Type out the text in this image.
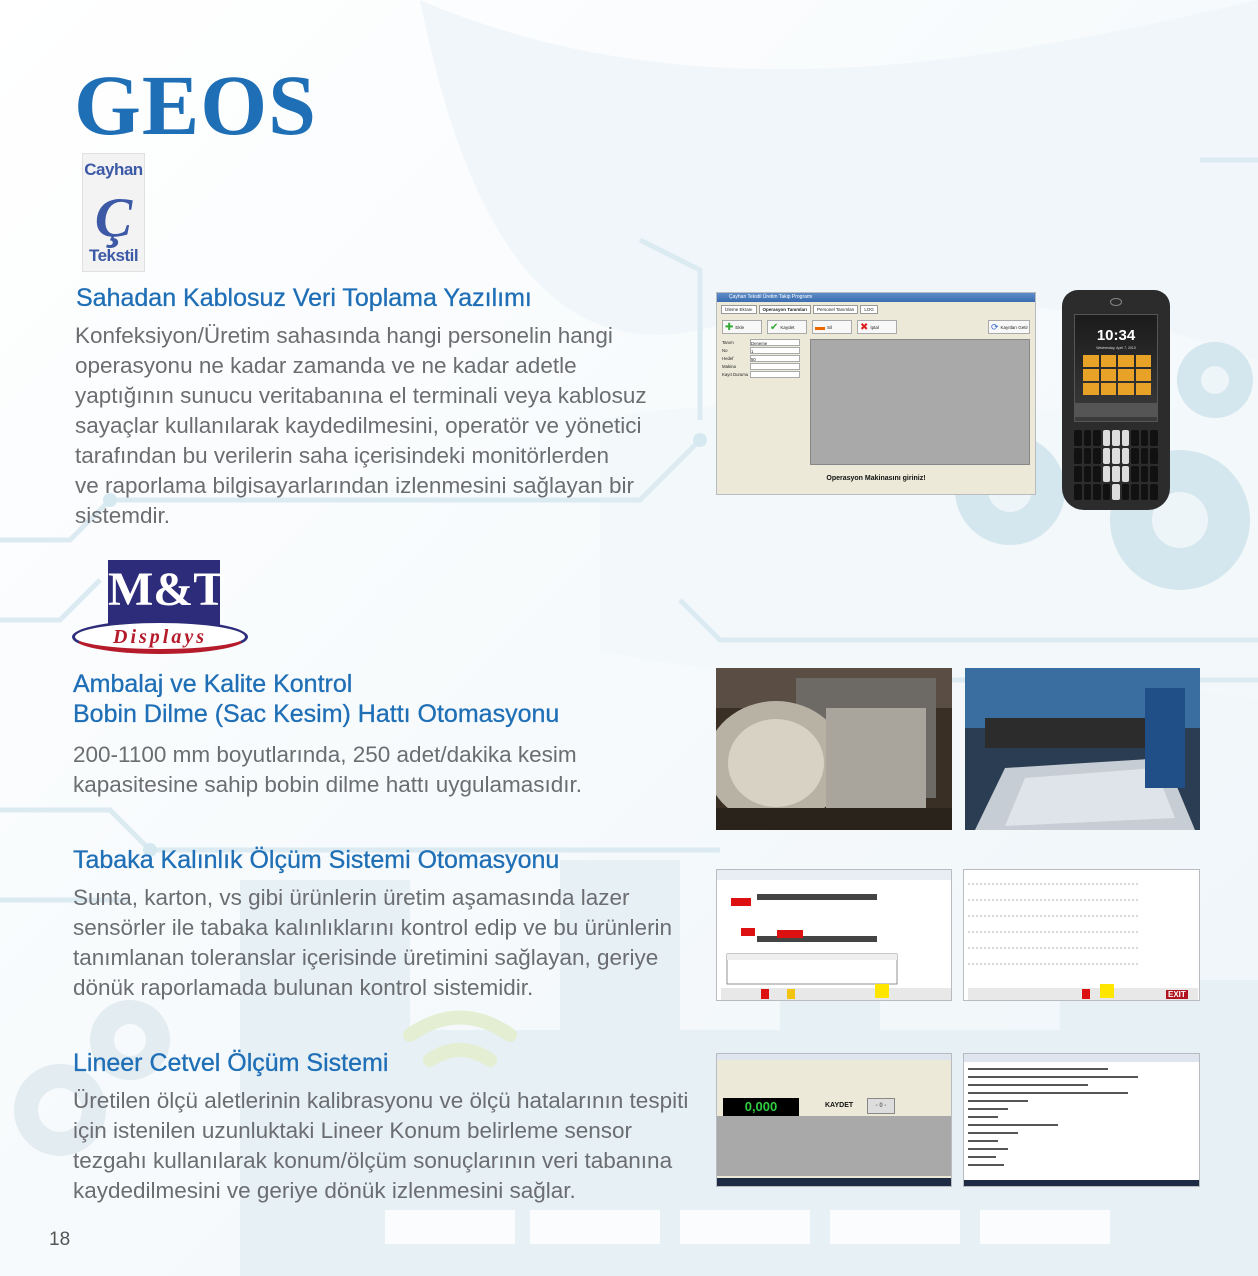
GEOS
Cayhan
Ç
Tekstil
Sahadan Kablosuz Veri Toplama Yazılımı
Konfeksiyon/Üretim sahasında hangi personelin hangi
operasyonu ne kadar zamanda ve ne kadar adetle
yaptığının sunucu veritabanına el terminali veya kablosuz
sayaçlar kullanılarak kaydedilmesini, operatör ve yönetici
tarafından bu verilerin saha içerisindeki monitörlerden
ve raporlama bilgisayarlarından izlenmesini sağlayan bir
sistemdir.
Çayhan Tekstil Üretim Takip Programı
İzleme Ekranı	Operasyon Tanımları	Personel Tanımları	LOG
✚ Ekle	✔ Kaydet ▬ Sil	✖ İptal	⟳ Kayıtları Getir
Tanım	Deneme
No	1
Hedef	50
Makina
Kayıt Durumu
Operasyon Makinasını giriniz!
10:34
Wednesday, April 7, 2010
M&T
Displays
Ambalaj ve Kalite Kontrol
Bobin Dilme (Sac Kesim) Hattı Otomasyonu
200-1100 mm boyutlarında, 250 adet/dakika kesim
kapasitesine sahip bobin dilme hattı uygulamasıdır.
Tabaka Kalınlık Ölçüm Sistemi Otomasyonu
Sunta, karton, vs gibi ürünlerin üretim aşamasında lazer
sensörler ile tabaka kalınlıklarını kontrol edip ve bu ürünlerin
tanımlanan toleranslar içerisinde üretimini sağlayan, geriye
dönük raporlamada bulunan kontrol sistemidir.	EXIT
Lineer Cetvel Ölçüm Sistemi
Üretilen ölçü aletlerinin kalibrasyonu ve ölçü hatalarının tespiti
için istenilen uzunluktaki Lineer Konum belirleme sensor
tezgahı kullanılarak konum/ölçüm sonuçlarının veri tabanına
kaydedilmesini ve geriye dönük izlenmesini sağlar.
0,000	KAYDET	- 0 -
18
